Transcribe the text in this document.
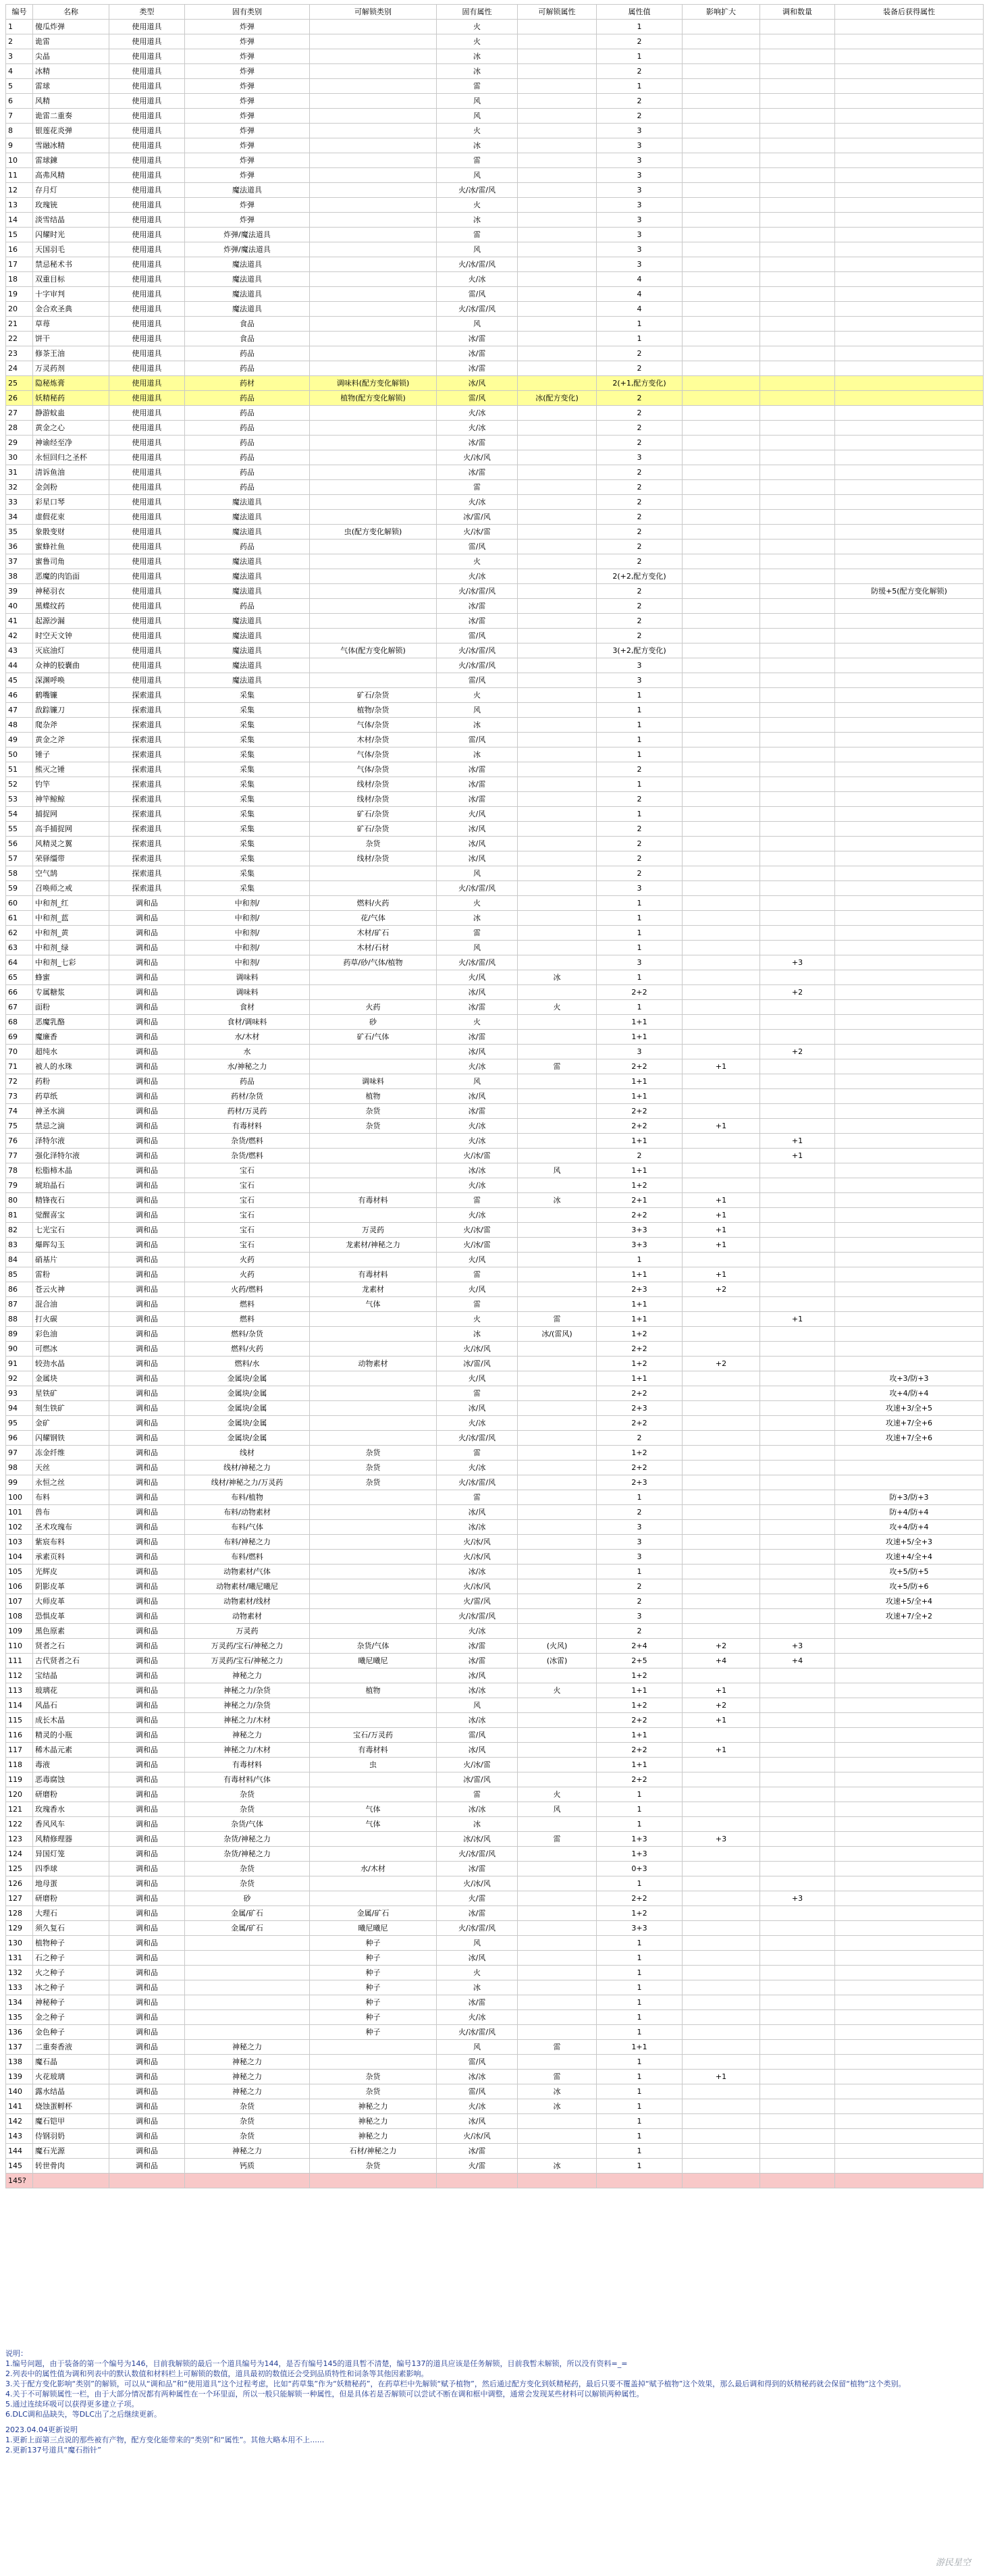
编号	名称	类型	固有类别	可解锁类别	固有属性	可解锁属性	属性值	影响扩大	调和数量	装备后获得属性
1	傻瓜炸弹	使用道具	炸弹		火		1			
2	诡雷	使用道具	炸弹		火		2			
3	尖晶	使用道具	炸弹		冰		1			
4	冰精	使用道具	炸弹		冰		2			
5	雷球	使用道具	炸弹		雷		1			
6	风精	使用道具	炸弹		风		2			
7	诡雷二重奏	使用道具	炸弹		风		2			
8	银莲花炎弹	使用道具	炸弹		火		3			
9	雪融冰精	使用道具	炸弹		冰		3			
10	雷球鍊	使用道具	炸弹		雷		3			
11	高弗风精	使用道具	炸弹		风		3			
12	存月灯	使用道具	魔法道具		火/冰/雷/风		3			
13	玫瑰铳	使用道具	炸弹		火		3			
14	淡雪结晶	使用道具	炸弹		冰		3			
15	闪耀时光	使用道具	炸弹/魔法道具		雷		3			
16	天国羽毛	使用道具	炸弹/魔法道具		风		3			
17	禁忌秘术书	使用道具	魔法道具		火/冰/雷/风		3			
18	双重目标	使用道具	魔法道具		火/冰		4			
19	十字审判	使用道具	魔法道具		雷/风		4			
20	金合欢圣典	使用道具	魔法道具		火/冰/雷/风		4			
21	草苺	使用道具	食品		风		1			
22	饼干	使用道具	食品		冰/雷		1			
23	修茶王油	使用道具	药品		冰/雷		2			
24	万灵药剂	使用道具	药品		冰/雷		2			
25	隐秘炼膏	使用道具	药材	调味料(配方变化解锁)	冰/风		2(+1,配方变化)			
26	妖精秘药	使用道具	药品	植物(配方变化解锁)	雷/风	冰(配方变化)	2			
27	静游蚊蛊	使用道具	药品		火/冰		2			
28	黄金之心	使用道具	药品		火/冰		2			
29	神谕经至净	使用道具	药品		冰/雷		2			
30	永恒回归之圣杯	使用道具	药品		火/冰/风		3			
31	清诉鱼油	使用道具	药品		冰/雷		2			
32	金剑粉	使用道具	药品		雷		2			
33	彩星口琴	使用道具	魔法道具		火/冰		2			
34	虚假花束	使用道具	魔法道具		冰/雷/风		2			
35	象骰变财	使用道具	魔法道具	虫(配方变化解锁)	火/冰/雷		2			
36	蜜蜂社鱼	使用道具	药品		雷/风		2			
37	蜜鲁司角	使用道具	魔法道具		火		2			
38	恶魔的肉馅面	使用道具	魔法道具		火/冰		2(+2,配方变化)			
39	神秘羽衣	使用道具	魔法道具		火/冰/雷/风		2			防缓+5(配方变化解锁)
40	黑蝶纹药	使用道具	药品		冰/雷		2			
41	起源沙漏	使用道具	魔法道具		冰/雷		2			
42	时空天文钟	使用道具	魔法道具		雷/风		2			
43	灭底油灯	使用道具	魔法道具	气体(配方变化解锁)	火/冰/雷/风		3(+2,配方变化)			
44	众神的胶囊曲	使用道具	魔法道具		火/冰/雷/风		3			
45	深渊呼唤	使用道具	魔法道具		雷/风		3			
46	鹤嘴镰	探索道具	采集	矿石/杂货	火		1			
47	敌踪镰刀	探索道具	采集	植物/杂货	风		1			
48	爬杂斧	探索道具	采集	气体/杂货	冰		1			
49	黄金之斧	探索道具	采集	木材/杂货	雷/风		1			
50	锤子	探索道具	采集	气体/杂货	冰		1			
51	熊灭之锤	探索道具	采集	气体/杂货	冰/雷		2			
52	钓竿	探索道具	采集	线材/杂货	冰/雷		1			
53	神竿鲸鲸	探索道具	采集	线材/杂货	冰/雷		2			
54	捕捉网	探索道具	采集	矿石/杂货	火/风		1			
55	高手捕捉网	探索道具	采集	矿石/杂货	冰/风		2			
56	风精灵之翼	探索道具	采集	杂货	冰/风		2			
57	荣驿缰带	探索道具	采集	线材/杂货	冰/风		2			
58	空气鹄	探索道具	采集		风		2			
59	召唤师之戒	探索道具	采集		火/冰/雷/风		3			
60	中和剂_红	调和品	中和剂/	燃料/火药	火		1			
61	中和剂_蓝	调和品	中和剂/	花/气体	冰		1			
62	中和剂_黄	调和品	中和剂/	木材/矿石	雷		1			
63	中和剂_绿	调和品	中和剂/	木材/石材	风		1			
64	中和剂_七彩	调和品	中和剂/	药草/砂/气体/植物	火/冰/雷/风		3		+3	
65	蜂蜜	调和品	调味料		火/风	冰	1			
66	专属糖浆	调和品	调味料		冰/风		2+2		+2	
67	面粉	调和品	食材	火药	冰/雷	火	1			
68	恶魔乳酪	调和品	食材/调味料	砂	火		1+1			
69	魔廉香	调和品	水/木材	矿石/气体	冰/雷		1+1			
70	超纯水	调和品	水		冰/风		3		+2	
71	被人的水珠	调和品	水/神秘之力		火/冰	雷	2+2	+1		
72	药粉	调和品	药品	调味料	风		1+1			
73	药草纸	调和品	药材/杂货	植物	冰/风		1+1			
74	神圣水滴	调和品	药材/万灵药	杂货	冰/雷		2+2			
75	禁忌之滴	调和品	有毒材料	杂货	火/冰		2+2	+1		
76	泽特尔液	调和品	杂货/燃料		火/冰		1+1		+1	
77	强化泽特尔液	调和品	杂货/燃料		火/冰/雷		2		+1	
78	松脂柿木晶	调和品	宝石		冰/冰	风	1+1			
79	琥珀晶石	调和品	宝石		火/冰		1+2			
80	精锋夜石	调和品	宝石	有毒材料	雷	冰	2+1	+1		
81	觉醒喜宝	调和品	宝石		火/冰		2+2	+1		
82	七光宝石	调和品	宝石	万灵药	火/冰/雷		3+3	+1		
83	爆晖勾玉	调和品	宝石	龙素材/神秘之力	火/冰/雷		3+3	+1		
84	硝基片	调和品	火药		火/风		1			
85	雷粉	调和品	火药	有毒材料	雷		1+1	+1		
86	苍云火神	调和品	火药/燃料	龙素材	火/风		2+3	+2		
87	混合油	调和品	燃料	气体	雷		1+1			
88	打火碳	调和品	燃料		火	雷	1+1		+1	
89	彩色油	调和品	燃料/杂货		冰	冰/(雷风)	1+2			
90	可燃冰	调和品	燃料/火药		火/冰/风		2+2			
91	较劲水晶	调和品	燃料/水	动物素材	冰/雷/风		1+2	+2		
92	金属块	调和品	金属块/金属		火/风		1+1			攻+3/防+3
93	星铁矿	调和品	金属块/金属		雷		2+2			攻+4/防+4
94	刻生铁矿	调和品	金属块/金属		冰/风		2+3			攻速+3/全+5
95	金矿	调和品	金属块/金属		火/冰		2+2			攻速+7/全+6
96	闪耀钢铁	调和品	金属块/金属		火/冰/雷/风		2			攻速+7/全+6
97	冻金纤维	调和品	线材	杂货	雷		1+2			
98	天丝	调和品	线材/神秘之力	杂货	火/冰		2+2			
99	永恒之丝	调和品	线材/神秘之力/万灵药	杂货	火/冰/雷/风		2+3			
100	布料	调和品	布料/植物		雷		1			防+3/防+3
101	兽布	调和品	布料/动物素材		冰/风		2			防+4/防+4
102	圣术攻瑰布	调和品	布料/气体		冰/冰		3			攻+4/防+4
103	紫宸布料	调和品	布料/神秘之力		火/冰/风		3			攻速+5/全+3
104	承素页料	调和品	布料/燃料		火/冰/风		3			攻速+4/全+4
105	光辉皮	调和品	动物素材/气体		冰/冰		1			攻+5/防+5
106	阴影皮革	调和品	动物素材/曦尼曦尼		火/冰/风		2			攻+5/防+6
107	大师皮革	调和品	动物素材/线材		火/雷/风		2			攻速+5/全+4
108	恐惧皮革	调和品	动物素材		火/冰/雷/风		3			攻速+7/全+2
109	黑色原素	调和品	万灵药		火/冰		2			
110	贤者之石	调和品	万灵药/宝石/神秘之力	杂货/气体	冰/雷	(火风)	2+4	+2	+3	
111	古代贤者之石	调和品	万灵药/宝石/神秘之力	曦尼曦尼	冰/雷	(冰雷)	2+5	+4	+4	
112	宝结晶	调和品	神秘之力		冰/风		1+2			
113	玻璃花	调和品	神秘之力/杂货	植物	冰/冰	火	1+1	+1		
114	风晶石	调和品	神秘之力/杂货		风		1+2	+2		
115	成长木晶	调和品	神秘之力/木材		冰/冰		2+2	+1		
116	精灵的小瓶	调和品	神秘之力	宝石/万灵药	雷/风		1+1			
117	稀木晶元素	调和品	神秘之力/木材	有毒材料	冰/风		2+2	+1		
118	毒液	调和品	有毒材料	虫	火/冰/雷		1+1			
119	恶毒腐蚀	调和品	有毒材料/气体		冰/雷/风		2+2			
120	研磨粉	调和品	杂货		雷	火	1			
121	玫瑰香水	调和品	杂货	气体	冰/冰	风	1			
122	香风风车	调和品	杂货/气体	气体	冰		1			
123	风精修理器	调和品	杂货/神秘之力		冰/冰/风	雷	1+3	+3		
124	异国灯笼	调和品	杂货/神秘之力		火/冰/雷/风		1+3			
125	四季球	调和品	杂货	水/木材	冰/雷		0+3			
126	地母蛋	调和品	杂货		火/冰/风		1			
127	研磨粉	调和品	砂		火/雷		2+2		+3	
128	大理石	调和品	金属/矿石	金属/矿石	冰/雷		1+2			
129	须久复石	调和品	金属/矿石	曦尼曦尼	火/冰/雷/风		3+3			
130	植物种子	调和品		种子	风		1			
131	石之种子	调和品		种子	冰/风		1			
132	火之种子	调和品		种子	火		1			
133	冰之种子	调和品		种子	冰		1			
134	神秘种子	调和品		种子	冰/雷		1			
135	金之种子	调和品		种子	火/冰		1			
136	金色种子	调和品		种子	火/冰/雷/风		1			
137	二重奏香液	调和品	神秘之力		风	雷	1+1			
138	魔石晶	调和品	神秘之力		雷/风		1			
139	火花玻璃	调和品	神秘之力	杂货	冰/冰	雷	1	+1		
140	露水结晶	调和品	神秘之力	杂货	雷/风	冰	1			
141	烧蚀蛋孵杯	调和品	杂货	神秘之力	火/冰	冰	1			
142	魔石铠甲	调和品	杂货	神秘之力	冰/风		1			
143	侍钢羽奶	调和品	杂货	神秘之力	火/冰/风		1			
144	魔石光源	调和品	神秘之力	石材/神秘之力	冰/雷		1			
145	转世骨肉	调和品	钙质	杂货	火/雷	冰	1			
145?										
说明：
1.编号问题，由于装备的第一个编号为146，目前我解锁的最后一个道具编号为144，是否有编号145的道具暂不清楚，编号137的道具应该是任务解锁，目前我暂未解锁，所以没有资料=_=
2.列表中的属性值为调和列表中的默认数值和材料栏上可解锁的数值，道具最初的数值还会受到品质特性和词条等其他因素影响。
3.关于配方变化影响“类别”的解锁，可以从“调和品”和“使用道具”这个过程考虑，比如“药草集”作为“妖精秘药”，在药草栏中先解锁“赋予植物”，然后通过配方变化到妖精秘药，最后只要不覆盖掉“赋予植物”这个效果，那么最后调和得到的妖精秘药就会保留“植物”这个类别。
4.关于不可解锁属性一栏，由于大部分情况都有两种属性在一个环里面，所以一般只能解锁一种属性，但是具体若是否解锁可以尝试不断在调和框中调整，通常会发现某些材料可以解锁两种属性。
5.通过连续环吸可以获得更多建立子项。
6.DLC调和品缺失，等DLC出了之后继续更新。
2023.04.04更新说明
1.更新上面第三点说的那些被有产物，配方变化能带来的“类别”和“属性”。其他大略本用不上......
2.更新137号道具“魔石指针”
游民星空
